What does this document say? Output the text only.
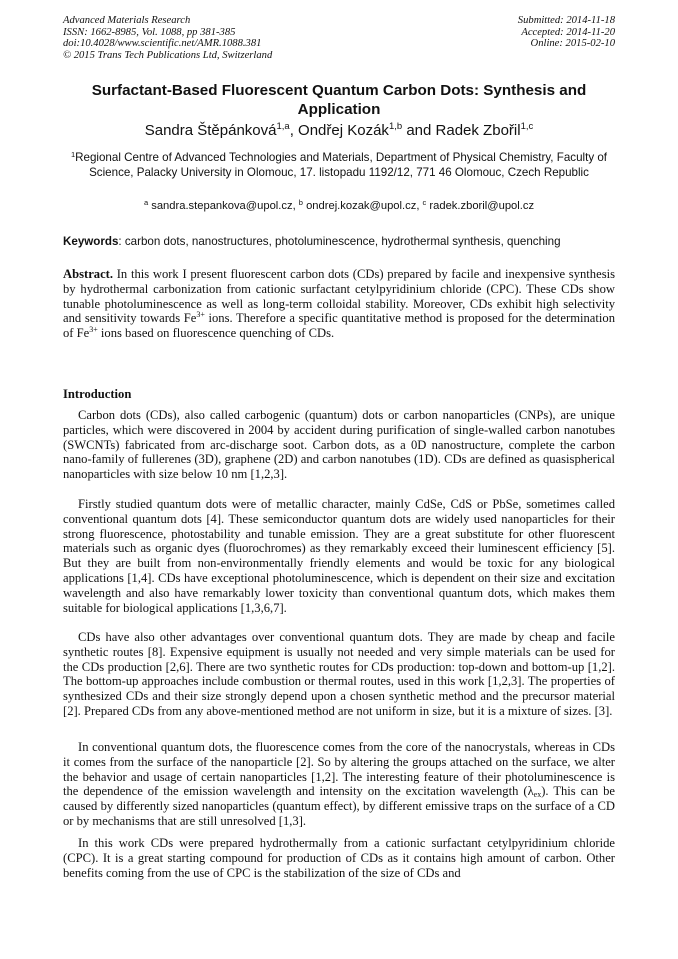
Advanced Materials Research
ISSN: 1662-8985, Vol. 1088, pp 381-385
doi:10.4028/www.scientific.net/AMR.1088.381
© 2015 Trans Tech Publications Ltd, Switzerland
Submitted: 2014-11-18
Accepted: 2014-11-20
Online: 2015-02-10
Surfactant-Based Fluorescent Quantum Carbon Dots: Synthesis and Application
Sandra Štěpánková$^{1,a}$, Ondřej Kozák$^{1,b}$ and Radek Zbořil$^{1,c}$
$^1$Regional Centre of Advanced Technologies and Materials, Department of Physical Chemistry, Faculty of Science, Palacky University in Olomouc, 17. listopadu 1192/12, 771 46 Olomouc, Czech Republic
$^a$ sandra.stepankova@upol.cz, $^b$ ondrej.kozak@upol.cz, $^c$ radek.zboril@upol.cz
Keywords: carbon dots, nanostructures, photoluminescence, hydrothermal synthesis, quenching
Abstract. In this work I present fluorescent carbon dots (CDs) prepared by facile and inexpensive synthesis by hydrothermal carbonization from cationic surfactant cetylpyridinium chloride (CPC). These CDs show tunable photoluminescence as well as long-term colloidal stability. Moreover, CDs exhibit high selectivity and sensitivity towards $Fe^{3+}$ ions. Therefore a specific quantitative method is proposed for the determination of $Fe^{3+}$ ions based on fluorescence quenching of CDs.
Introduction
Carbon dots (CDs), also called carbogenic (quantum) dots or carbon nanoparticles (CNPs), are unique particles, which were discovered in 2004 by accident during purification of single-walled carbon nanotubes (SWCNTs) fabricated from arc-discharge soot. Carbon dots, as a 0D nanostructure, complete the carbon nano-family of fullerenes (3D), graphene (2D) and carbon nanotubes (1D). CDs are defined as quasispherical nanoparticles with size below 10 nm [1,2,3].
Firstly studied quantum dots were of metallic character, mainly CdSe, CdS or PbSe, sometimes called conventional quantum dots [4]. These semiconductor quantum dots are widely used nanoparticles for their strong fluorescence, photostability and tunable emission. They are a great substitute for other fluorescent materials such as organic dyes (fluorochromes) as they remarkably exceed their luminescent efficiency [5]. But they are built from non-environmentally friendly elements and would be toxic for any biological applications [1,4]. CDs have exceptional photoluminescence, which is dependent on their size and excitation wavelength and also have remarkably lower toxicity than conventional quantum dots, which makes them suitable for biological applications [1,3,6,7].
CDs have also other advantages over conventional quantum dots. They are made by cheap and facile synthetic routes [8]. Expensive equipment is usually not needed and very simple materials can be used for the CDs production [2,6]. There are two synthetic routes for CDs production: top-down and bottom-up [1,2]. The bottom-up approaches include combustion or thermal routes, used in this work [1,2,3]. The properties of synthesized CDs and their size strongly depend upon a chosen synthetic method and the precursor material [2]. Prepared CDs from any above-mentioned method are not uniform in size, but it is a mixture of sizes. [3].
In conventional quantum dots, the fluorescence comes from the core of the nanocrystals, whereas in CDs it comes from the surface of the nanoparticle [2]. So by altering the groups attached on the surface, we alter the behavior and usage of certain nanoparticles [1,2]. The interesting feature of their photoluminescence is the dependence of the emission wavelength and intensity on the excitation wavelength $(\lambda_{ex})$. This can be caused by differently sized nanoparticles (quantum effect), by different emissive traps on the surface of a CD or by mechanisms that are still unresolved [1,3].
In this work CDs were prepared hydrothermally from a cationic surfactant cetylpyridinium chloride (CPC). It is a great starting compound for production of CDs as it contains high amount of carbon. Other benefits coming from the use of CPC is the stabilization of the size of CDs and
